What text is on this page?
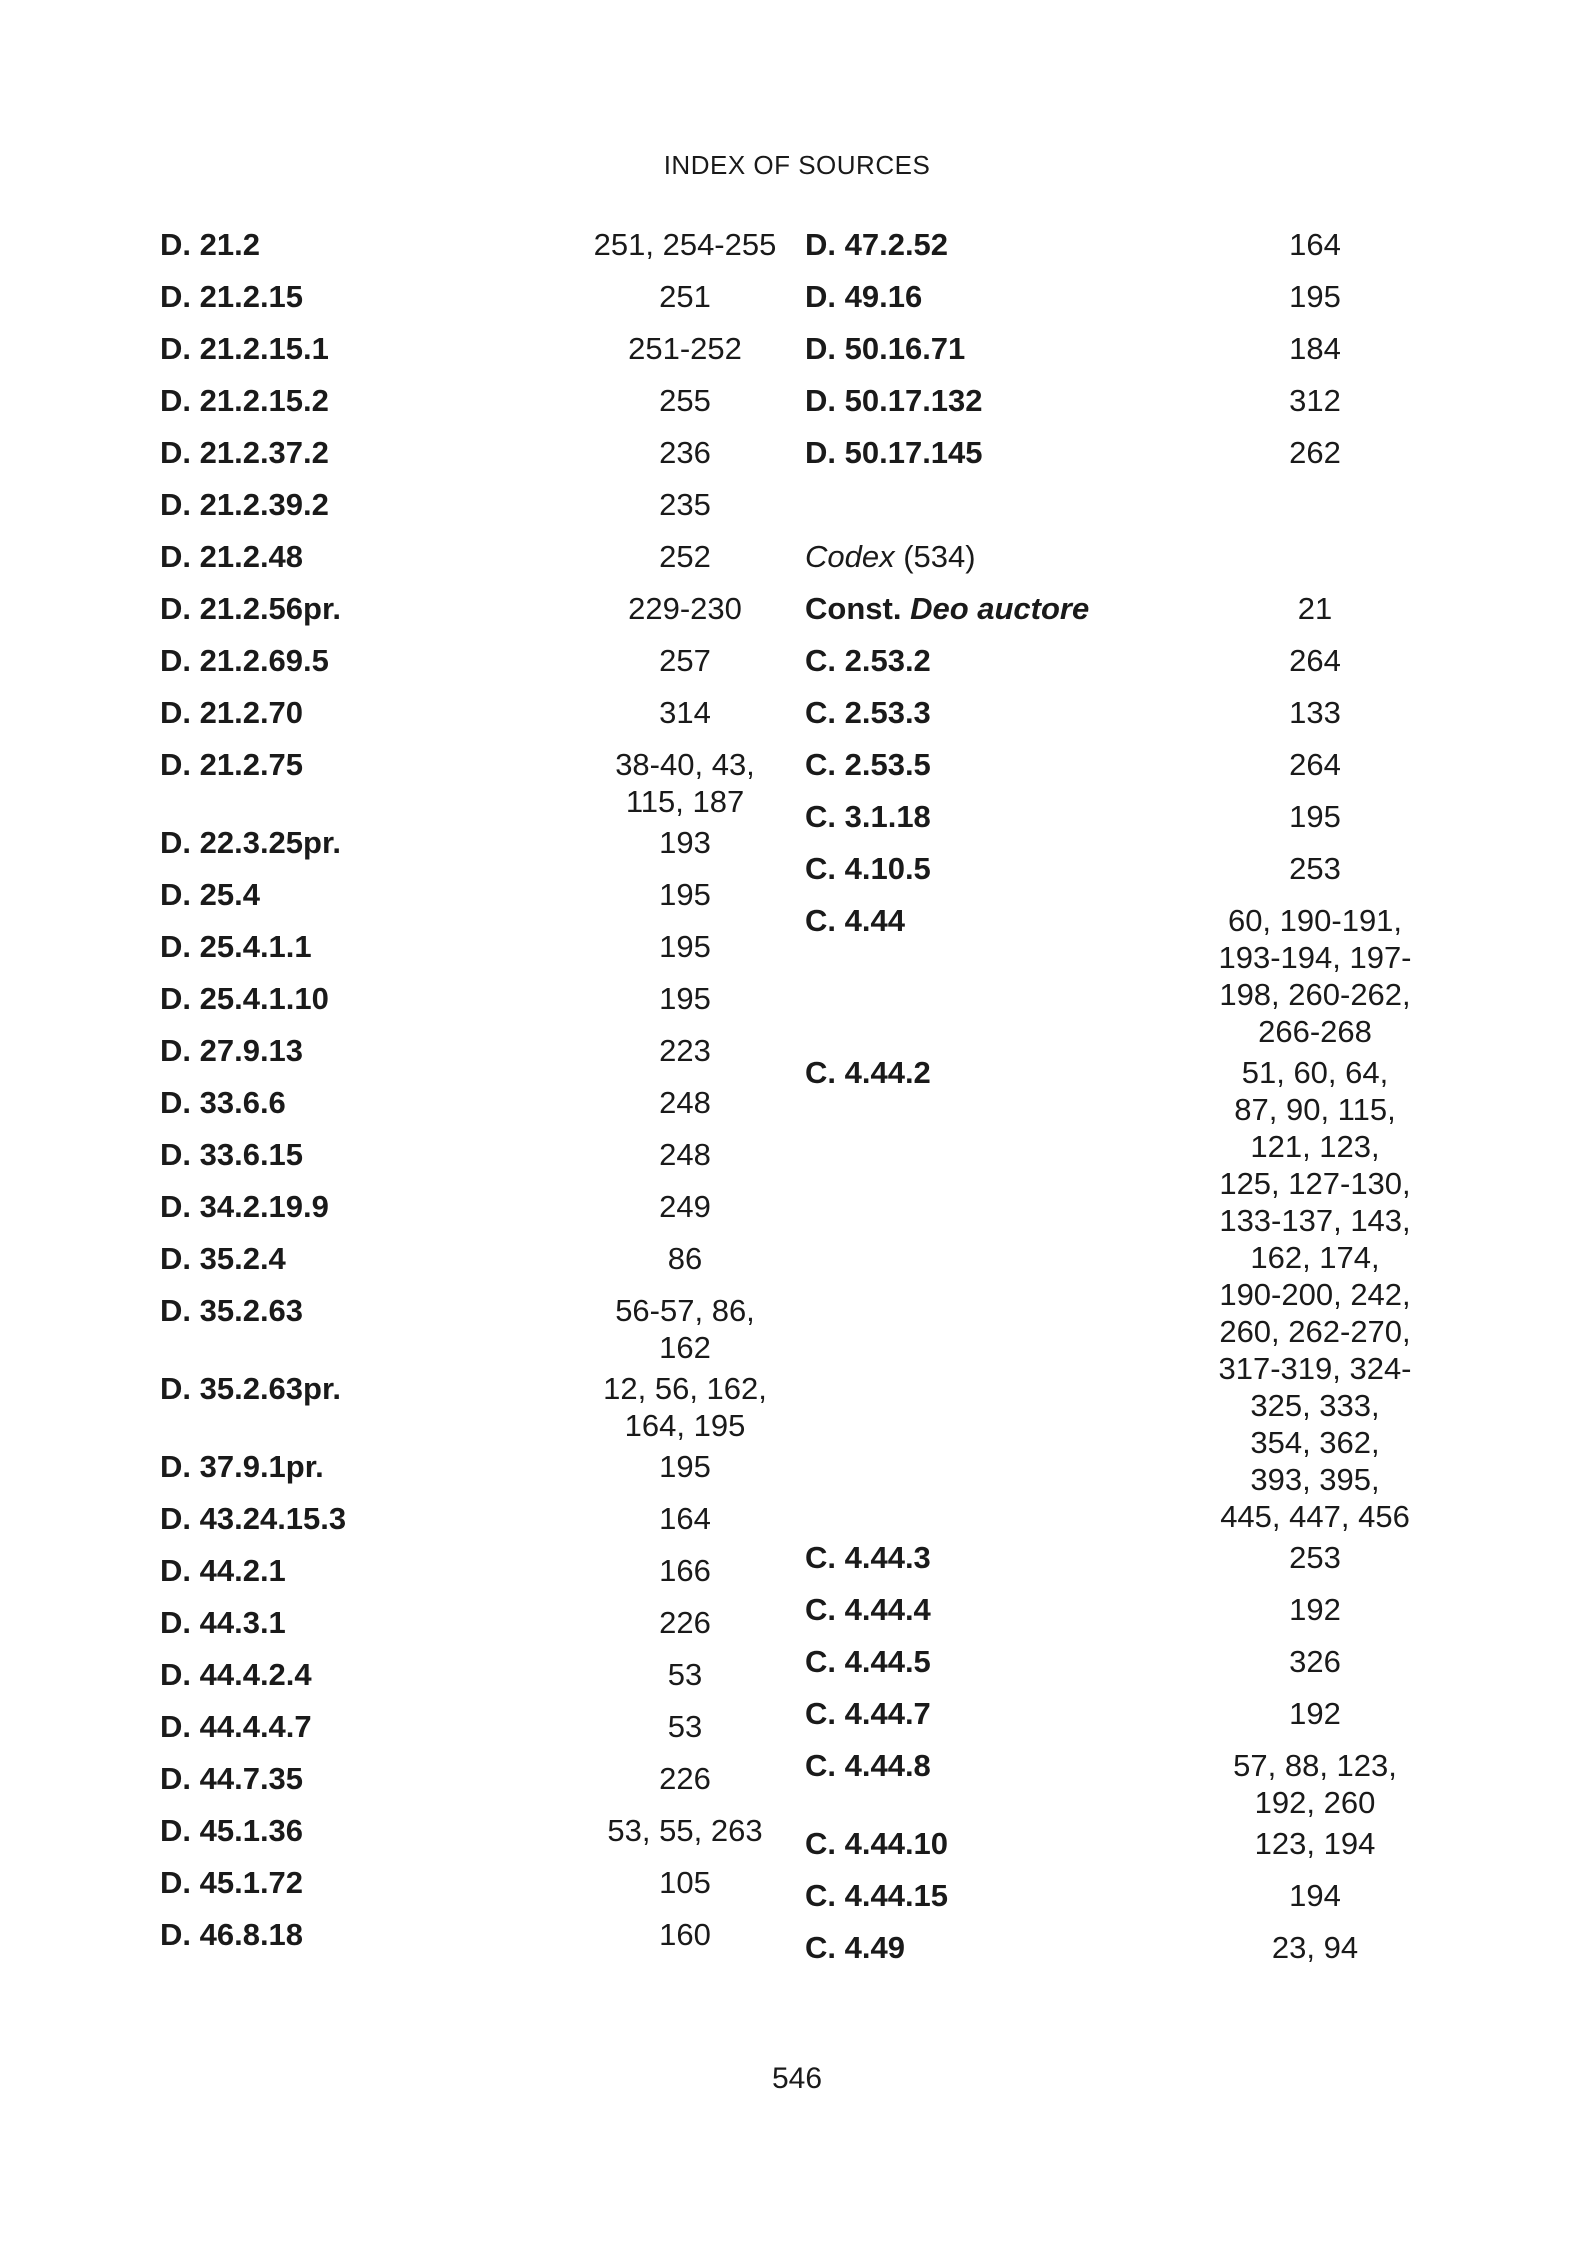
INDEX OF SOURCES
D. 21.2	251, 254-255
D. 21.2.15	251
D. 21.2.15.1	251-252
D. 21.2.15.2	255
D. 21.2.37.2	236
D. 21.2.39.2	235
D. 21.2.48	252
D. 21.2.56pr.	229-230
D. 21.2.69.5	257
D. 21.2.70	314
D. 21.2.75	38-40, 43,
115, 187
D. 22.3.25pr.	193
D. 25.4	195
D. 25.4.1.1	195
D. 25.4.1.10	195
D. 27.9.13	223
D. 33.6.6	248
D. 33.6.15	248
D. 34.2.19.9	249
D. 35.2.4	86
D. 35.2.63	56-57, 86,
162
D. 35.2.63pr.	12, 56, 162,
164, 195
D. 37.9.1pr.	195
D. 43.24.15.3	164
D. 44.2.1	166
D. 44.3.1	226
D. 44.4.2.4	53
D. 44.4.4.7	53
D. 44.7.35	226
D. 45.1.36	53, 55, 263
D. 45.1.72	105
D. 46.8.18	160
D. 47.2.52	164
D. 49.16	195
D. 50.16.71	184
D. 50.17.132	312
D. 50.17.145	262
Codex (534)
Const. Deo auctore	21
C. 2.53.2	264
C. 2.53.3	133
C. 2.53.5	264
C. 3.1.18	195
C. 4.10.5	253
C. 4.44	60, 190-191,
193-194, 197-
198, 260-262,
266-268
C. 4.44.2	51, 60, 64,
87, 90, 115,
121, 123,
125, 127-130,
133-137, 143,
162, 174,
190-200, 242,
260, 262-270,
317-319, 324-
325, 333,
354, 362,
393, 395,
445, 447, 456
C. 4.44.3	253
C. 4.44.4	192
C. 4.44.5	326
C. 4.44.7	192
C. 4.44.8	57, 88, 123,
192, 260
C. 4.44.10	123, 194
C. 4.44.15	194
C. 4.49	23, 94
546
